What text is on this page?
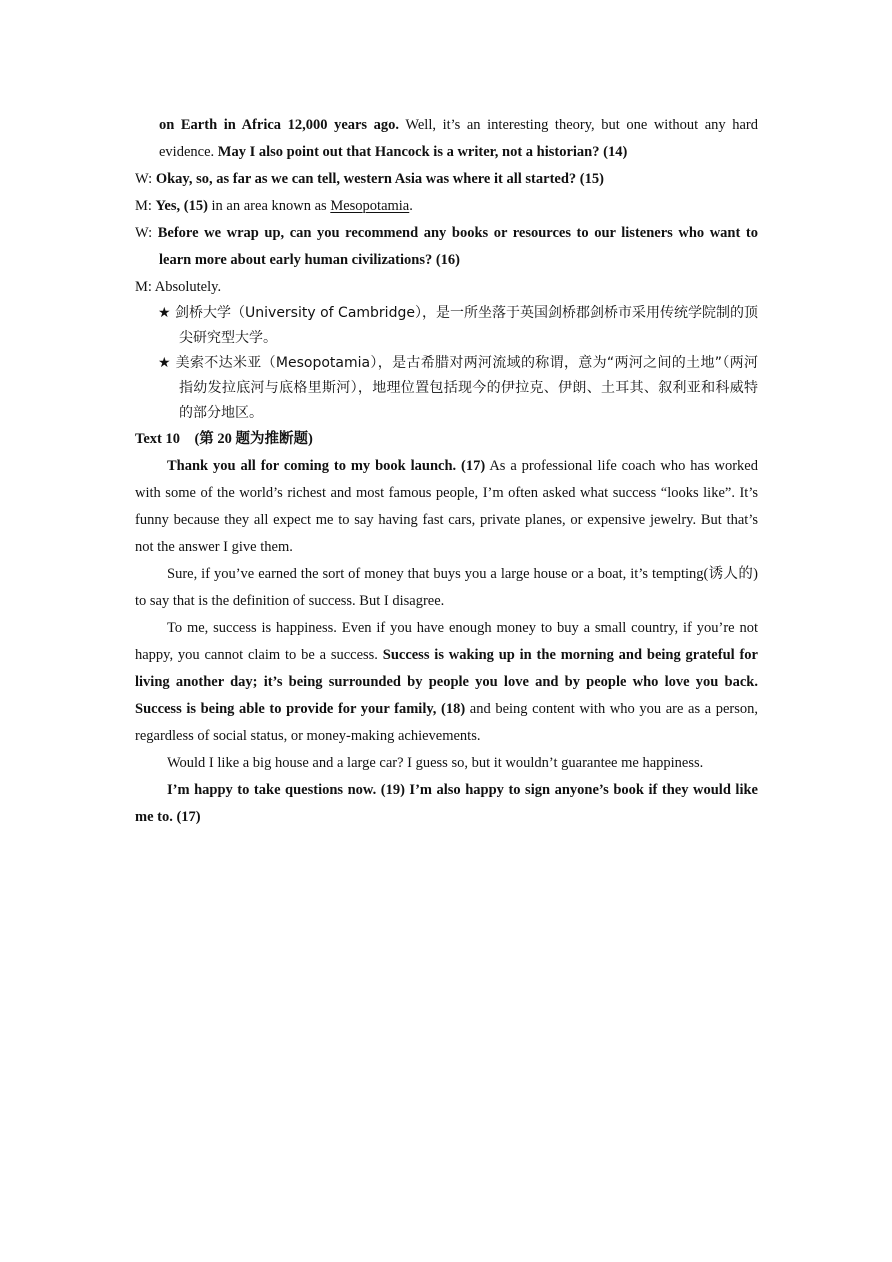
on Earth in Africa 12,000 years ago. Well, it’s an interesting theory, but one without any hard evidence. May I also point out that Hancock is a writer, not a historian? (14)

W: Okay, so, as far as we can tell, western Asia was where it all started? (15)

M: Yes, (15) in an area known as Mesopotamia.

W: Before we wrap up, can you recommend any books or resources to our listeners who want to learn more about early human civilizations? (16)

M: Absolutely.

★ 剑桥大学（University of Cambridge），是一所坐落于英国剑桥郡剑桥市采用传统学院制的顶尖研究型大学。

★ 美索不达米亚（Mesopotamia），是古希腊对两河流域的称谓，意为“两河之间的土地”（两河指幼发拉底河与底格里斯河），地理位置包括现今的伊拉克、伊朗、土耳其、叙利亚和科威特的部分地区。

Text 10　(第 20 题为推断题)

Thank you all for coming to my book launch. (17) As a professional life coach who has worked with some of the world’s richest and most famous people, I’m often asked what success “looks like”. It’s funny because they all expect me to say having fast cars, private planes, or expensive jewelry. But that’s not the answer I give them.

Sure, if you’ve earned the sort of money that buys you a large house or a boat, it’s tempting(诱人的) to say that is the definition of success. But I disagree.

To me, success is happiness. Even if you have enough money to buy a small country, if you’re not happy, you cannot claim to be a success. Success is waking up in the morning and being grateful for living another day; it’s being surrounded by people you love and by people who love you back. Success is being able to provide for your family, (18) and being content with who you are as a person, regardless of social status, or money-making achievements.

Would I like a big house and a large car? I guess so, but it wouldn’t guarantee me happiness.

I’m happy to take questions now. (19) I’m also happy to sign anyone’s book if they would like me to. (17)
